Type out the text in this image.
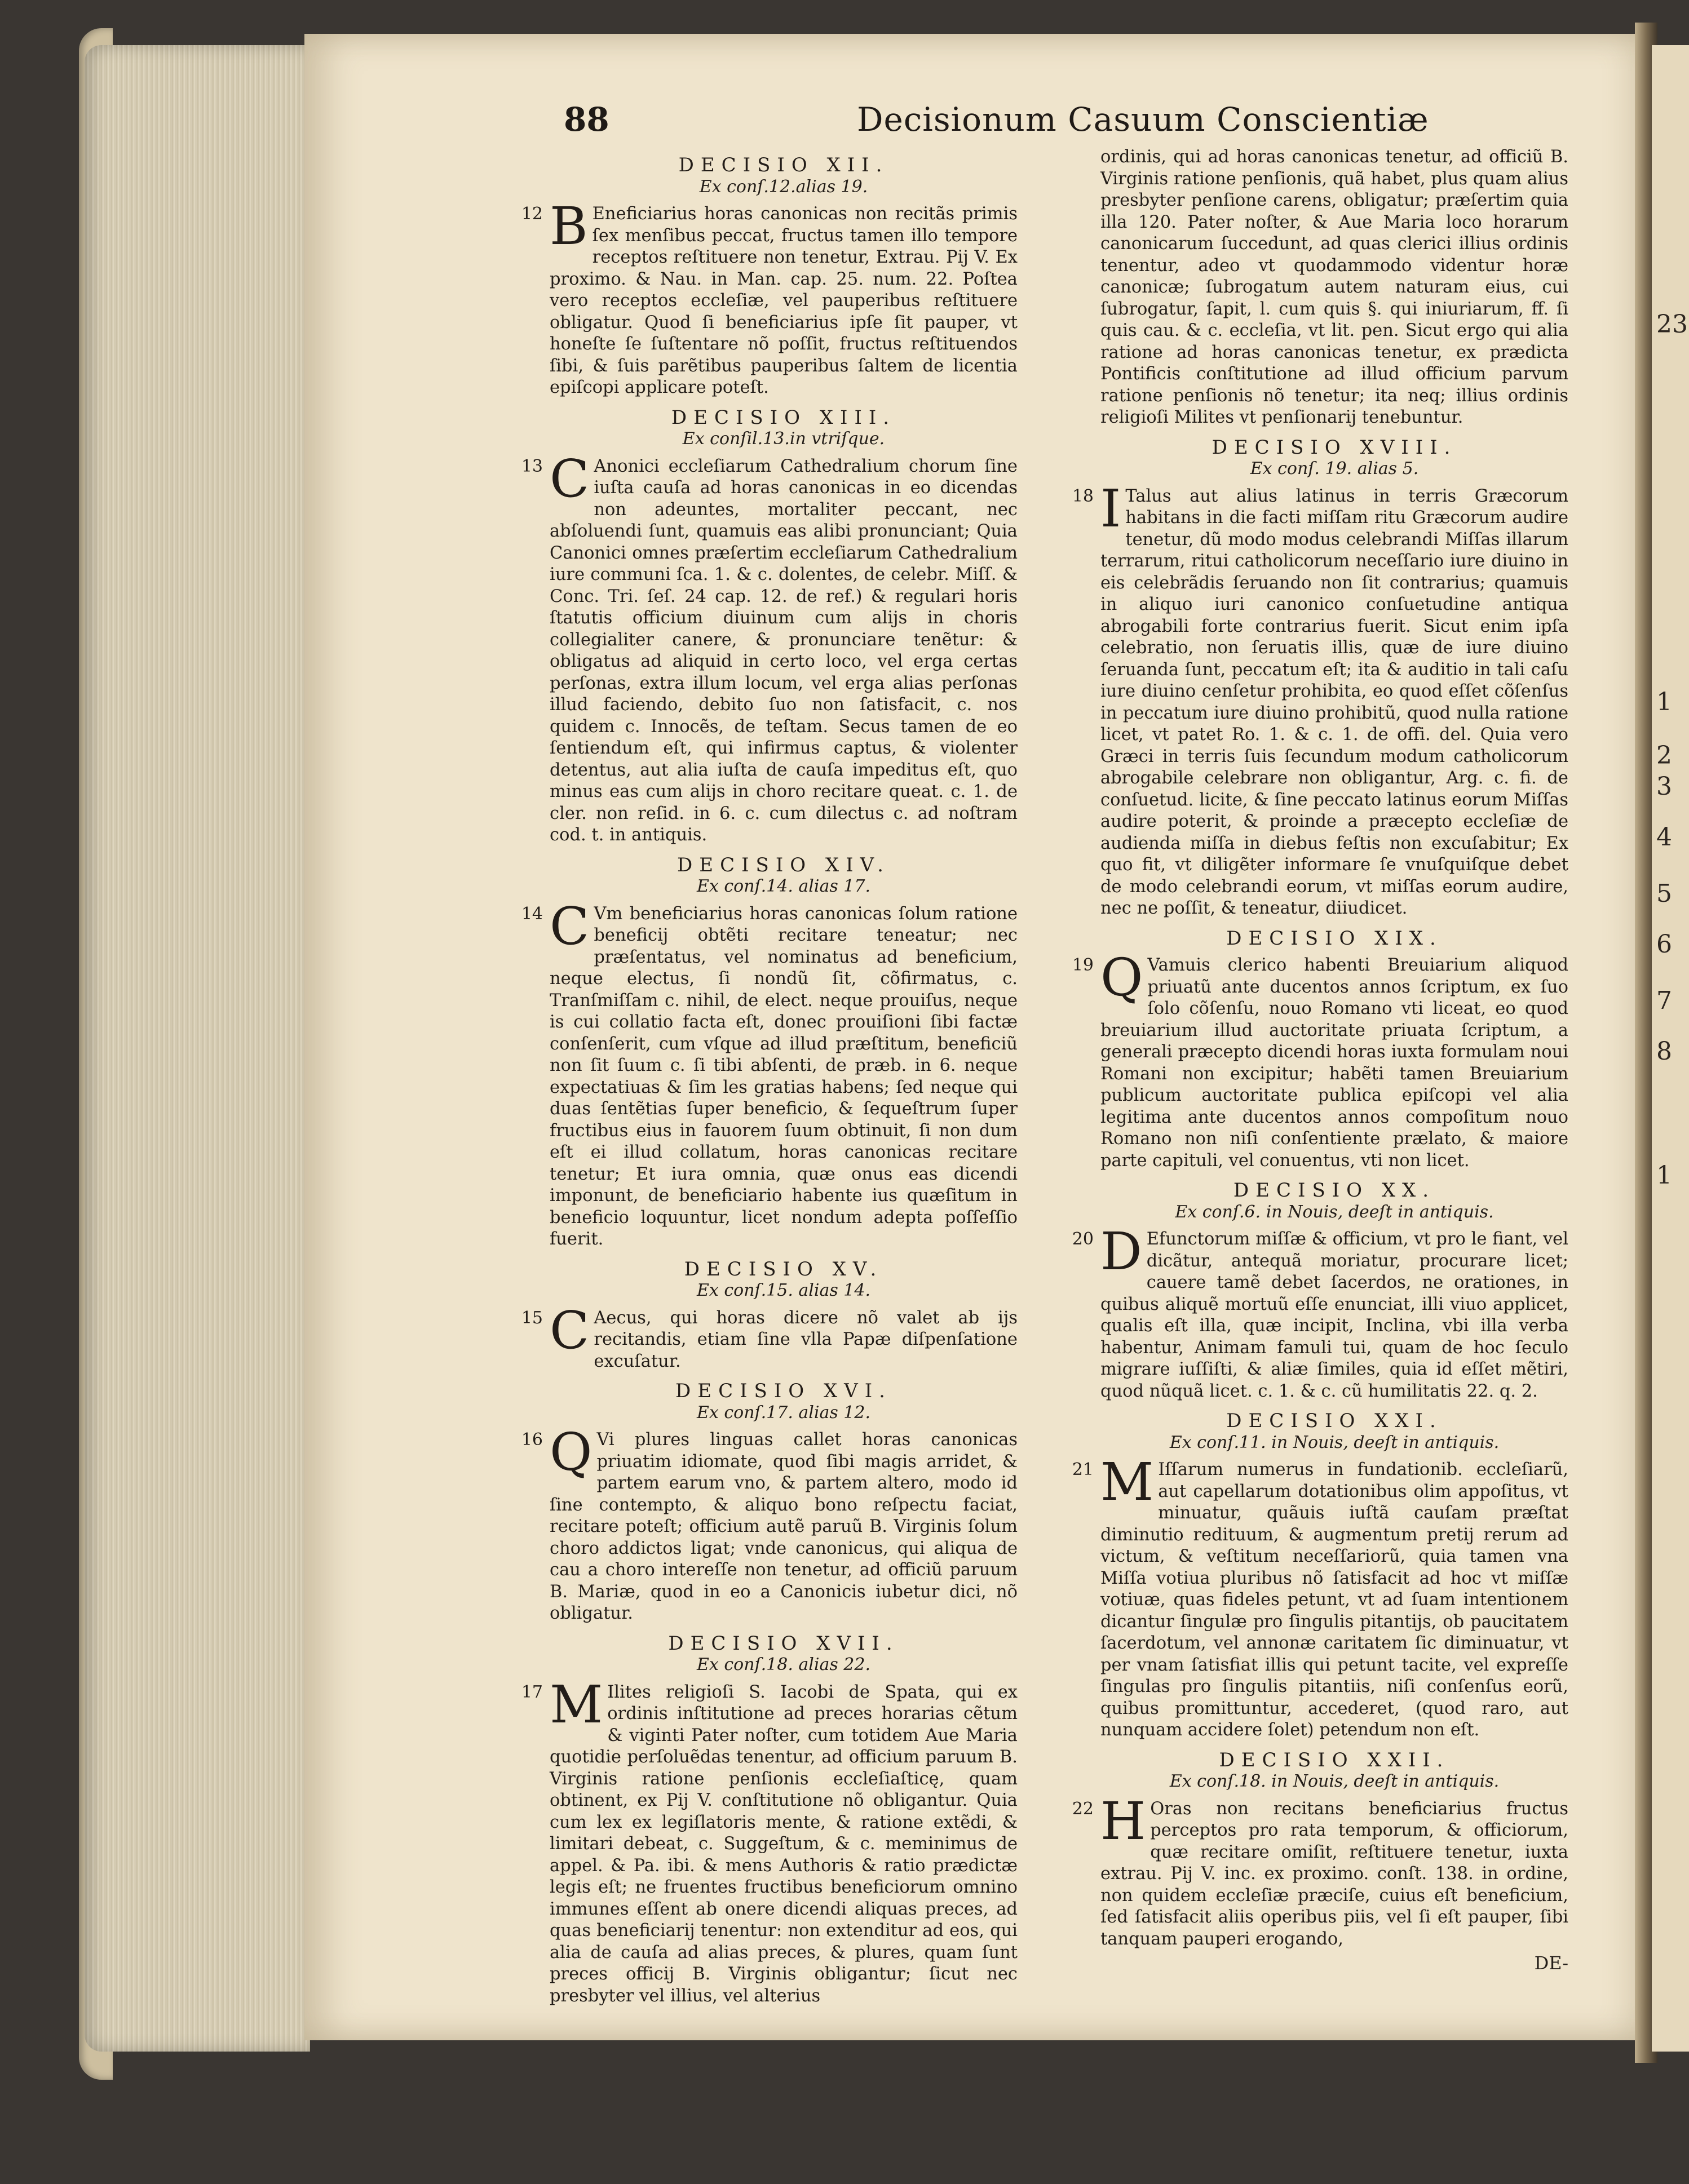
23
1
2
3
4
5
6
7
8
1
88	Decisionum Casuum Conscientiæ
DECISIO XII.
Ex conſ.12.alias 19.
12 B Eneficiarius horas canonicas non recitãs primis ſex menſibus peccat, fructus tamen illo tempore receptos reſtituere non tenetur, Extrau. Pij V. Ex proximo. & Nau. in Man. cap. 25. num. 22. Poſtea vero receptos eccleſiæ, vel pauperibus reſtituere obligatur. Quod ſi beneficiarius ipſe ſit pauper, vt honeſte ſe ſuſtentare nõ poſſit, fructus reſtituendos ſibi, & ſuis parẽtibus pauperibus ſaltem de licentia epiſcopi applicare poteſt.
DECISIO XIII.
Ex conſil.13.in vtriſque.
13 C Anonici eccleſiarum Cathedralium chorum ſine iuſta cauſa ad horas canonicas in eo dicendas non adeuntes, mortaliter peccant, nec abſoluendi ſunt, quamuis eas alibi pronunciant; Quia Canonici omnes præſertim eccleſiarum Cathedralium iure communi ſca. 1. & c. dolentes, de celebr. Miſſ. & Conc. Tri. ſeſ. 24 cap. 12. de ref.) & regulari horis ſtatutis officium diuinum cum alijs in choris collegialiter canere, & pronunciare tenẽtur: & obligatus ad aliquid in certo loco, vel erga certas perſonas, extra illum locum, vel erga alias perſonas illud faciendo, debito ſuo non ſatisfacit, c. nos quidem c. Innocẽs, de teſtam. Secus tamen de eo ſentiendum eſt, qui infirmus captus, & violenter detentus, aut alia iuſta de cauſa impeditus eſt, quo minus eas cum alijs in choro recitare queat. c. 1. de cler. non reſid. in 6. c. cum dilectus c. ad noſtram cod. t. in antiquis.
DECISIO XIV.
Ex conſ.14. alias 17.
14 C Vm beneficiarius horas canonicas ſolum ratione beneficij obtẽti recitare teneatur; nec præſentatus, vel nominatus ad beneficium, neque electus, ſi nondũ ſit, cõfirmatus, c. Tranſmiſſam c. nihil, de elect. neque prouiſus, neque is cui collatio facta eſt, donec prouiſioni ſibi factæ conſenſerit, cum vſque ad illud præſtitum, beneficiũ non ſit ſuum c. ſi tibi abſenti, de præb. in 6. neque expectatiuas & ſim les gratias habens; ſed neque qui duas ſentẽtias ſuper beneficio, & ſequeſtrum ſuper fructibus eius in fauorem ſuum obtinuit, ſi non dum eſt ei illud collatum, horas canonicas recitare tenetur; Et iura omnia, quæ onus eas dicendi imponunt, de beneficiario habente ius quæſitum in beneficio loquuntur, licet nondum adepta poſſeſſio fuerit.
DECISIO XV.
Ex conſ.15. alias 14.
15 C Aecus, qui horas dicere nõ valet ab ijs recitandis, etiam ſine vlla Papæ diſpenſatione excuſatur.
DECISIO XVI.
Ex conſ.17. alias 12.
16 Q Vi plures linguas callet horas canonicas priuatim idiomate, quod ſibi magis arridet, & partem earum vno, & partem altero, modo id ſine contempto, & aliquo bono reſpectu faciat, recitare poteſt; officium autẽ paruũ B. Virginis ſolum choro addictos ligat; vnde canonicus, qui aliqua de cau a choro intereſſe non tenetur, ad officiũ paruum B. Mariæ, quod in eo a Canonicis iubetur dici, nõ obligatur.
DECISIO XVII.
Ex conſ.18. alias 22.
17 M Ilites religioſi S. Iacobi de Spata, qui ex ordinis inſtitutione ad preces horarias cẽtum & viginti Pater noſter, cum totidem Aue Maria quotidie perſoluẽdas tenentur, ad officium paruum B. Virginis ratione penſionis eccleſiaſticę, quam obtinent, ex Pij V. conſtitutione nõ obligantur. Quia cum lex ex legiſlatoris mente, & ratione extẽdi, & limitari debeat, c. Suggeſtum, & c. meminimus de appel. & Pa. ibi. & mens Authoris & ratio prædictæ legis eſt; ne fruentes fructibus beneficiorum omnino immunes eſſent ab onere dicendi aliquas preces, ad quas beneficiarij tenentur: non extenditur ad eos, qui alia de cauſa ad alias preces, & plures, quam ſunt preces officij B. Virginis obligantur; ſicut nec presbyter vel illius, vel alterius
ordinis, qui ad horas canonicas tenetur, ad officiũ B. Virginis ratione penſionis, quã habet, plus quam alius presbyter penſione carens, obligatur; præſertim quia illa 120. Pater noſter, & Aue Maria loco horarum canonicarum ſuccedunt, ad quas clerici illius ordinis tenentur, adeo vt quodammodo videntur horæ canonicæ; ſubrogatum autem naturam eius, cui ſubrogatur, ſapit, l. cum quis §. qui iniuriarum, ff. ſi quis cau. & c. eccleſia, vt lit. pen. Sicut ergo qui alia ratione ad horas canonicas tenetur, ex prædicta Pontificis conſtitutione ad illud officium parvum ratione penſionis nõ tenetur; ita neq; illius ordinis religioſi Milites vt penſionarij tenebuntur.
DECISIO XVIII.
Ex conſ. 19. alias 5.
18 I Talus aut alius latinus in terris Græcorum habitans in die facti miſſam ritu Græcorum audire tenetur, dũ modo modus celebrandi Miſſas illarum terrarum, ritui catholicorum neceſſario iure diuino in eis celebrãdis ſeruando non ſit contrarius; quamuis in aliquo iuri canonico conſuetudine antiqua abrogabili forte contrarius fuerit. Sicut enim ipſa celebratio, non ſeruatis illis, quæ de iure diuino ſeruanda ſunt, peccatum eſt; ita & auditio in tali caſu iure diuino cenſetur prohibita, eo quod eſſet cõſenſus in peccatum iure diuino prohibitũ, quod nulla ratione licet, vt patet Ro. 1. & c. 1. de offi. del. Quia vero Græci in terris ſuis ſecundum modum catholicorum abrogabile celebrare non obligantur, Arg. c. fi. de conſuetud. licite, & ſine peccato latinus eorum Miſſas audire poterit, & proinde a præcepto eccleſiæ de audienda miſſa in diebus feſtis non excuſabitur; Ex quo fit, vt diligẽter informare ſe vnuſquiſque debet de modo celebrandi eorum, vt miſſas eorum audire, nec ne poſſit, & teneatur, diiudicet.
DECISIO XIX.
19 Q Vamuis clerico habenti Breuiarium aliquod priuatũ ante ducentos annos ſcriptum, ex ſuo ſolo cõſenſu, nouo Romano vti liceat, eo quod breuiarium illud auctoritate priuata ſcriptum, a generali præcepto dicendi horas iuxta formulam noui Romani non excipitur; habẽti tamen Breuiarium publicum auctoritate publica epiſcopi vel alia legitima ante ducentos annos compoſitum nouo Romano non niſi conſentiente prælato, & maiore parte capituli, vel conuentus, vti non licet.
DECISIO XX.
Ex conſ.6. in Nouis, deeſt in antiquis.
20 D Efunctorum miſſæ & officium, vt pro le fiant, vel dicãtur, antequã moriatur, procurare licet; cauere tamẽ debet ſacerdos, ne orationes, in quibus aliquẽ mortuũ eſſe enunciat, illi viuo applicet, qualis eſt illa, quæ incipit, Inclina, vbi illa verba habentur, Animam famuli tui, quam de hoc ſeculo migrare iuſſiſti, & aliæ ſimiles, quia id eſſet mẽtiri, quod nũquã licet. c. 1. & c. cũ humilitatis 22. q. 2.
DECISIO XXI.
Ex conſ.11. in Nouis, deeſt in antiquis.
21 M Iſſarum numerus in fundationib. eccleſiarũ, aut capellarum dotationibus olim appoſitus, vt minuatur, quãuis iuſtã cauſam præſtat diminutio redituum, & augmentum pretij rerum ad victum, & veſtitum neceſſariorũ, quia tamen vna Miſſa votiua pluribus nõ ſatisfacit ad hoc vt miſſæ votiuæ, quas fideles petunt, vt ad ſuam intentionem dicantur ſingulæ pro ſingulis pitantijs, ob paucitatem ſacerdotum, vel annonæ caritatem ſic diminuatur, vt per vnam ſatisfiat illis qui petunt tacite, vel expreſſe ſingulas pro ſingulis pitantiis, niſi conſenſus eorũ, quibus promittuntur, accederet, (quod raro, aut nunquam accidere ſolet) petendum non eſt.
DECISIO XXII.
Ex conſ.18. in Nouis, deeſt in antiquis.
22 H Oras non recitans beneficiarius fructus perceptos pro rata temporum, & officiorum, quæ recitare omiſit, reſtituere tenetur, iuxta extrau. Pij V. inc. ex proximo. conſt. 138. in ordine, non quidem eccleſiæ præciſe, cuius eſt beneficium, ſed ſatisfacit aliis operibus piis, vel ſi eſt pauper, ſibi tanquam pauperi erogando,
DE-
